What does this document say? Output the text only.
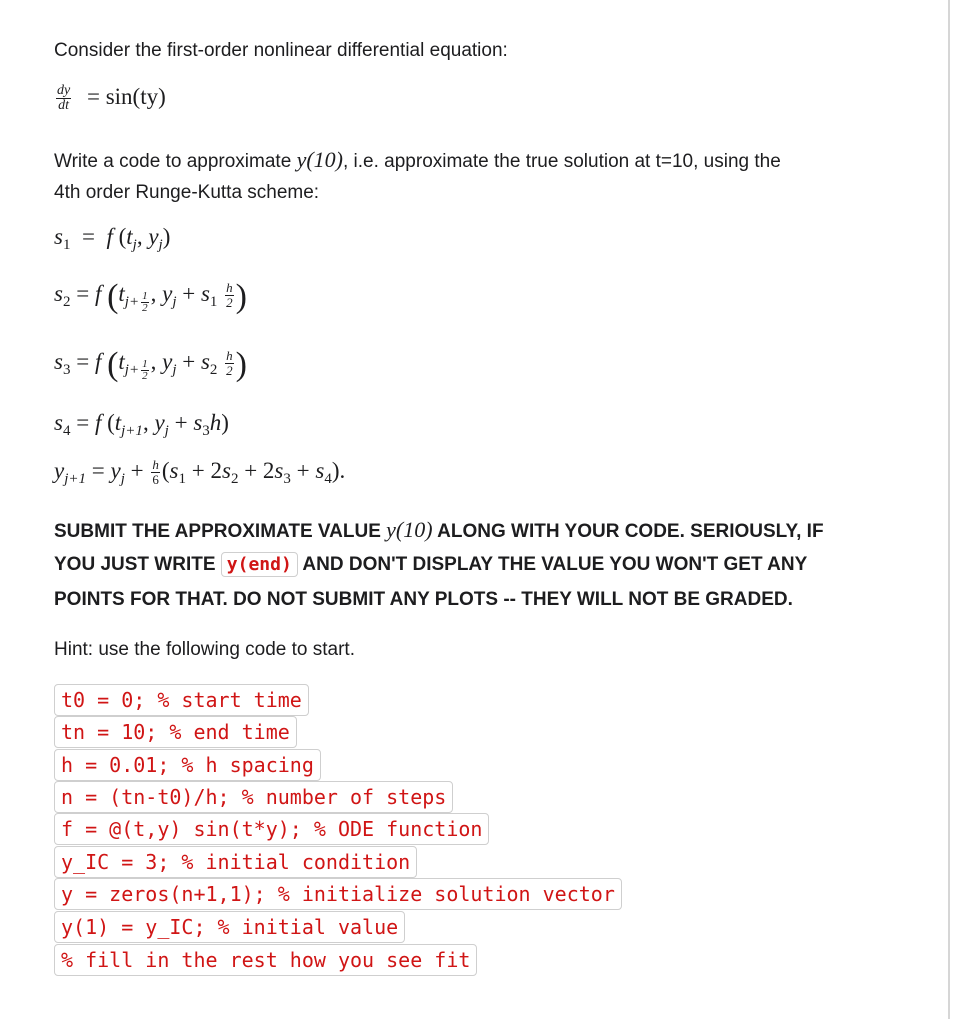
Consider the first-order nonlinear differential equation:
$\frac{dy}{dt} = \sin(ty)$
Write a code to approximate y(10), i.e. approximate the true solution at t=10, using the
4th order Runge-Kutta scheme:
$s_1 = f$ ($t_j$, $y_j$)
$s_2 = f$ ($t_{j+ \frac{1}{2}}$ , $y_j + s_1 \frac{h}{2}$ )
$s_3 = f$ ($t_{j+ \frac{1}{2}}$ , $y_j + s_2 \frac{h}{2}$ )
$s_4 = f$ ($t_{j+1}$, $y_j + s_3h$)
$y_{j+1} = y_j + \frac{h}{6} (s_1 + 2s_2 + 2s_3 + s_4)$.
SUBMIT THE APPROXIMATE VALUE y(10) ALONG WITH YOUR CODE. SERIOUSLY, IF
YOU JUST WRITE y(end) AND DON'T DISPLAY THE VALUE YOU WON'T GET ANY
POINTS FOR THAT. DO NOT SUBMIT ANY PLOTS -- THEY WILL NOT BE GRADED.
Hint: use the following code to start.
t0 = 0; % start time
tn = 10; % end time
h = 0.01; % h spacing
n = (tn-t0)/h; % number of steps
f = @(t,y) sin(t*y); % ODE function
y_IC = 3; % initial condition
y = zeros(n+1,1); % initialize solution vector
y(1) = y_IC; % initial value
% fill in the rest how you see fit
